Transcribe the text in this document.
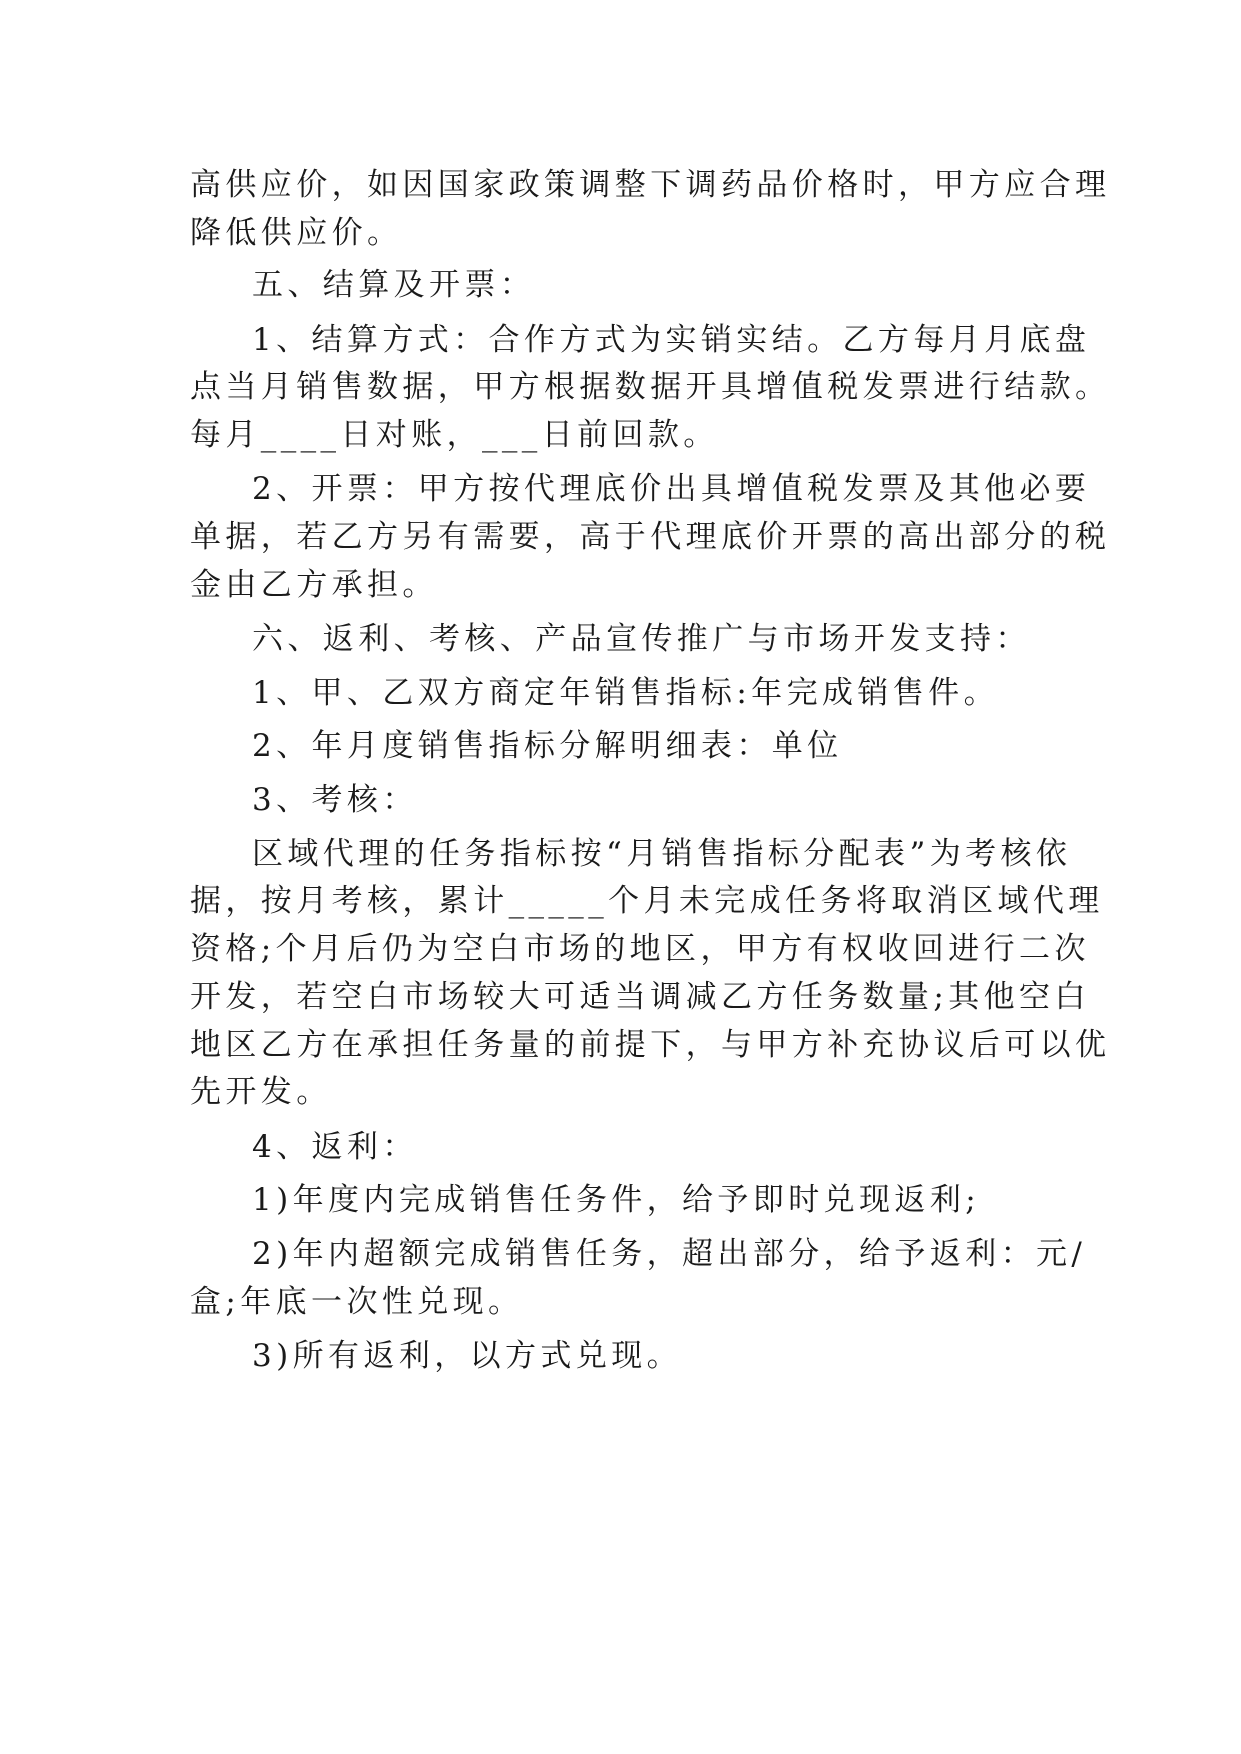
高供应价，如因国家政策调整下调药品价格时，甲方应合理
降低供应价。
五、结算及开票：
1、结算方式：合作方式为实销实结。乙方每月月底盘
点当月销售数据，甲方根据数据开具增值税发票进行结款。
每月____日对账，___日前回款。
2、开票：甲方按代理底价出具增值税发票及其他必要
单据，若乙方另有需要，高于代理底价开票的高出部分的税
金由乙方承担。
六、返利、考核、产品宣传推广与市场开发支持：
1、甲、乙双方商定年销售指标:年完成销售件。
2、年月度销售指标分解明细表：单位
3、考核：
区域代理的任务指标按“月销售指标分配表”为考核依
据，按月考核，累计_____个月未完成任务将取消区域代理
资格;个月后仍为空白市场的地区，甲方有权收回进行二次
开发，若空白市场较大可适当调减乙方任务数量;其他空白
地区乙方在承担任务量的前提下，与甲方补充协议后可以优
先开发。
4、返利：
1)年度内完成销售任务件，给予即时兑现返利;
2)年内超额完成销售任务，超出部分，给予返利：元/
盒;年底一次性兑现。
3)所有返利，以方式兑现。
